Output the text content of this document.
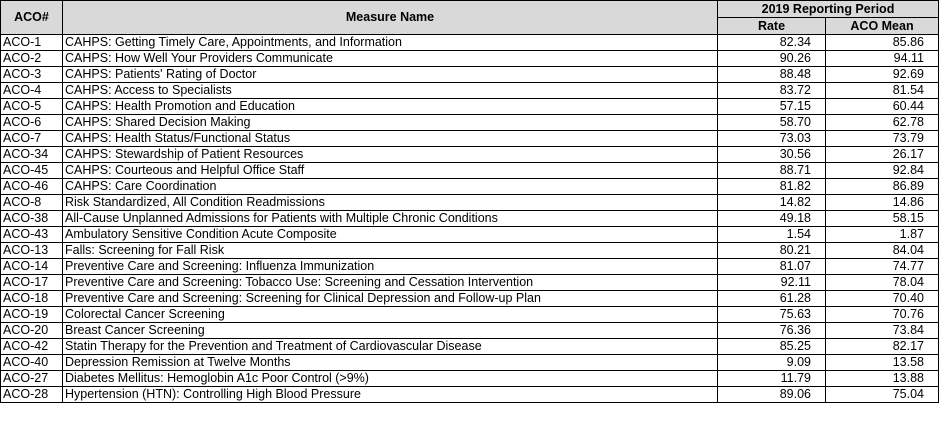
ACO#	Measure Name	2019 Reporting Period	
		Rate	ACO Mean
ACO-1	CAHPS: Getting Timely Care, Appointments, and Information	82.34	85.86
ACO-2	CAHPS: How Well Your Providers Communicate	90.26	94.11
ACO-3	CAHPS: Patients' Rating of Doctor	88.48	92.69
ACO-4	CAHPS: Access to Specialists	83.72	81.54
ACO-5	CAHPS: Health Promotion and Education	57.15	60.44
ACO-6	CAHPS: Shared Decision Making	58.70	62.78
ACO-7	CAHPS: Health Status/Functional Status	73.03	73.79
ACO-34	CAHPS: Stewardship of Patient Resources	30.56	26.17
ACO-45	CAHPS: Courteous and Helpful Office Staff	88.71	92.84
ACO-46	CAHPS: Care Coordination	81.82	86.89
ACO-8	Risk Standardized, All Condition Readmissions	14.82	14.86
ACO-38	All-Cause Unplanned Admissions for Patients with Multiple Chronic Conditions	49.18	58.15
ACO-43	Ambulatory Sensitive Condition Acute Composite	1.54	1.87
ACO-13	Falls: Screening for Fall Risk	80.21	84.04
ACO-14	Preventive Care and Screening: Influenza Immunization	81.07	74.77
ACO-17	Preventive Care and Screening: Tobacco Use: Screening and Cessation Intervention	92.11	78.04
ACO-18	Preventive Care and Screening: Screening for Clinical Depression and Follow-up Plan	61.28	70.40
ACO-19	Colorectal Cancer Screening	75.63	70.76
ACO-20	Breast Cancer Screening	76.36	73.84
ACO-42	Statin Therapy for the Prevention and Treatment of Cardiovascular Disease	85.25	82.17
ACO-40	Depression Remission at Twelve Months	9.09	13.58
ACO-27	Diabetes Mellitus: Hemoglobin A1c Poor Control (>9%)	11.79	13.88
ACO-28	Hypertension (HTN): Controlling High Blood Pressure	89.06	75.04
